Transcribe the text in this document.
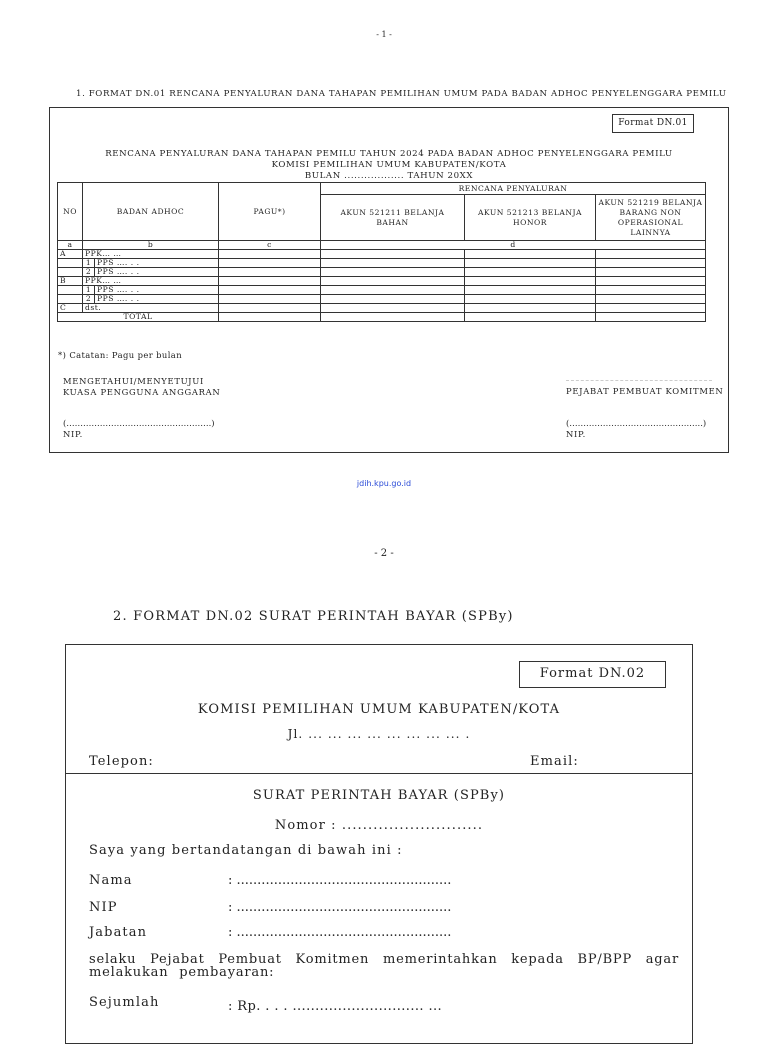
- 1 -
1. FORMAT DN.01 RENCANA PENYALURAN DANA TAHAPAN PEMILIHAN UMUM PADA BADAN ADHOC PENYELENGGARA PEMILU
Format DN.01
RENCANA PENYALURAN DANA TAHAPAN PEMILU TAHUN 2024 PADA BADAN ADHOC PENYELENGGARA PEMILU
KOMISI PEMILIHAN UMUM KABUPATEN/KOTA
BULAN .................. TAHUN 20XX
NO	BADAN ADHOC		PAGU*)	RENCANA PENYALURAN		
				AKUN 521211 BELANJA BAHAN	AKUN 521213 BELANJA HONOR	AKUN 521219 BELANJA BARANG NON OPERASIONAL LAINNYA
a	b		c	d		
A	PPK… …					
	1	PPS …. . .				
	2	PPS …. . .				
B	PPK… …					
	1	PPS …. . .				
	2	PPS …. . .				
C	dst.					
TOTAL						
*) Catatan: Pagu per bulan
MENGETAHUI/MENYETUJUI
KUASA PENGGUNA ANGGARAN
(…………………………………………….)
NIP.
PEJABAT PEMBUAT KOMITMEN
(…………………………………….…..)
NIP.
jdih.kpu.go.id
- 2 -
2. FORMAT DN.02 SURAT PERINTAH BAYAR (SPBy)
Format DN.02
KOMISI PEMILIHAN UMUM KABUPATEN/KOTA
Jl. ... ... ... ... ... ... ... ... .
Telepon:	Email:
SURAT PERINTAH BAYAR (SPBy)
Nomor : ...........................
Saya yang bertandatangan di bawah ini :
Nama	: ....................................................
NIP	: ....................................................
Jabatan	: ....................................................
selaku Pejabat Pembuat Komitmen memerintahkan kepada BP/BPP agar melakukan pembayaran:
Sejumlah	: Rp. . . . ............................. ...
